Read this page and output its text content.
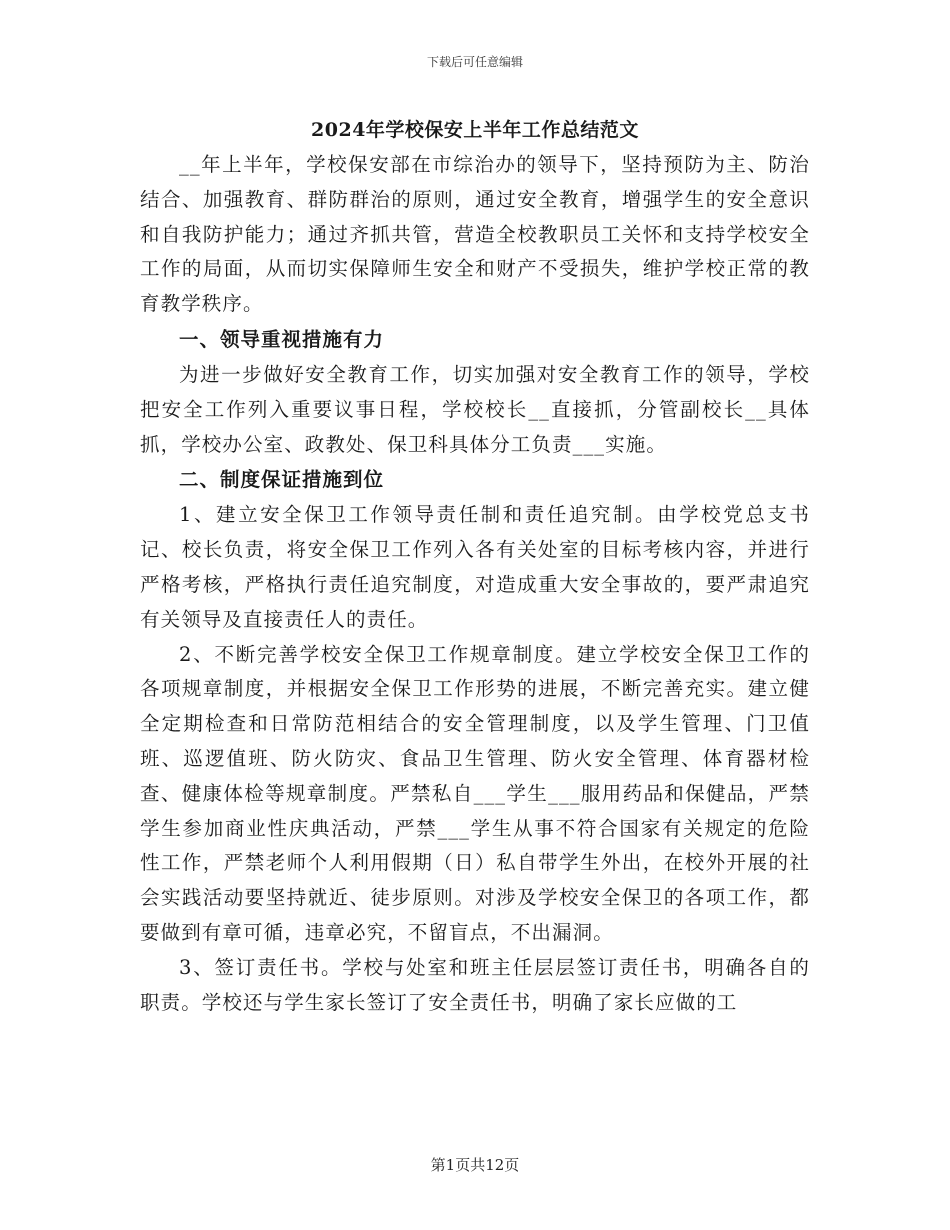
下载后可任意编辑
2024年学校保安上半年工作总结范文

__年上半年，学校保安部在市综治办的领导下，坚持预防为主、防治结合、加强教育、群防群治的原则，通过安全教育，增强学生的安全意识和自我防护能力；通过齐抓共管，营造全校教职员工关怀和支持学校安全工作的局面，从而切实保障师生安全和财产不受损失，维护学校正常的教育教学秩序。

一、领导重视措施有力

为进一步做好安全教育工作，切实加强对安全教育工作的领导，学校把安全工作列入重要议事日程，学校校长__直接抓，分管副校长__具体抓，学校办公室、政教处、保卫科具体分工负责___实施。

二、制度保证措施到位

1、建立安全保卫工作领导责任制和责任追究制。由学校党总支书记、校长负责，将安全保卫工作列入各有关处室的目标考核内容，并进行严格考核，严格执行责任追究制度，对造成重大安全事故的，要严肃追究有关领导及直接责任人的责任。

2、不断完善学校安全保卫工作规章制度。建立学校安全保卫工作的各项规章制度，并根据安全保卫工作形势的进展，不断完善充实。建立健全定期检查和日常防范相结合的安全管理制度，以及学生管理、门卫值班、巡逻值班、防火防灾、食品卫生管理、防火安全管理、体育器材检查、健康体检等规章制度。严禁私自___学生___服用药品和保健品，严禁学生参加商业性庆典活动，严禁___学生从事不符合国家有关规定的危险性工作，严禁老师个人利用假期（日）私自带学生外出，在校外开展的社会实践活动要坚持就近、徒步原则。对涉及学校安全保卫的各项工作，都要做到有章可循，违章必究，不留盲点，不出漏洞。

3、签订责任书。学校与处室和班主任层层签订责任书，明确各自的职责。学校还与学生家长签订了安全责任书，明确了家长应做的工

第1页共12页
